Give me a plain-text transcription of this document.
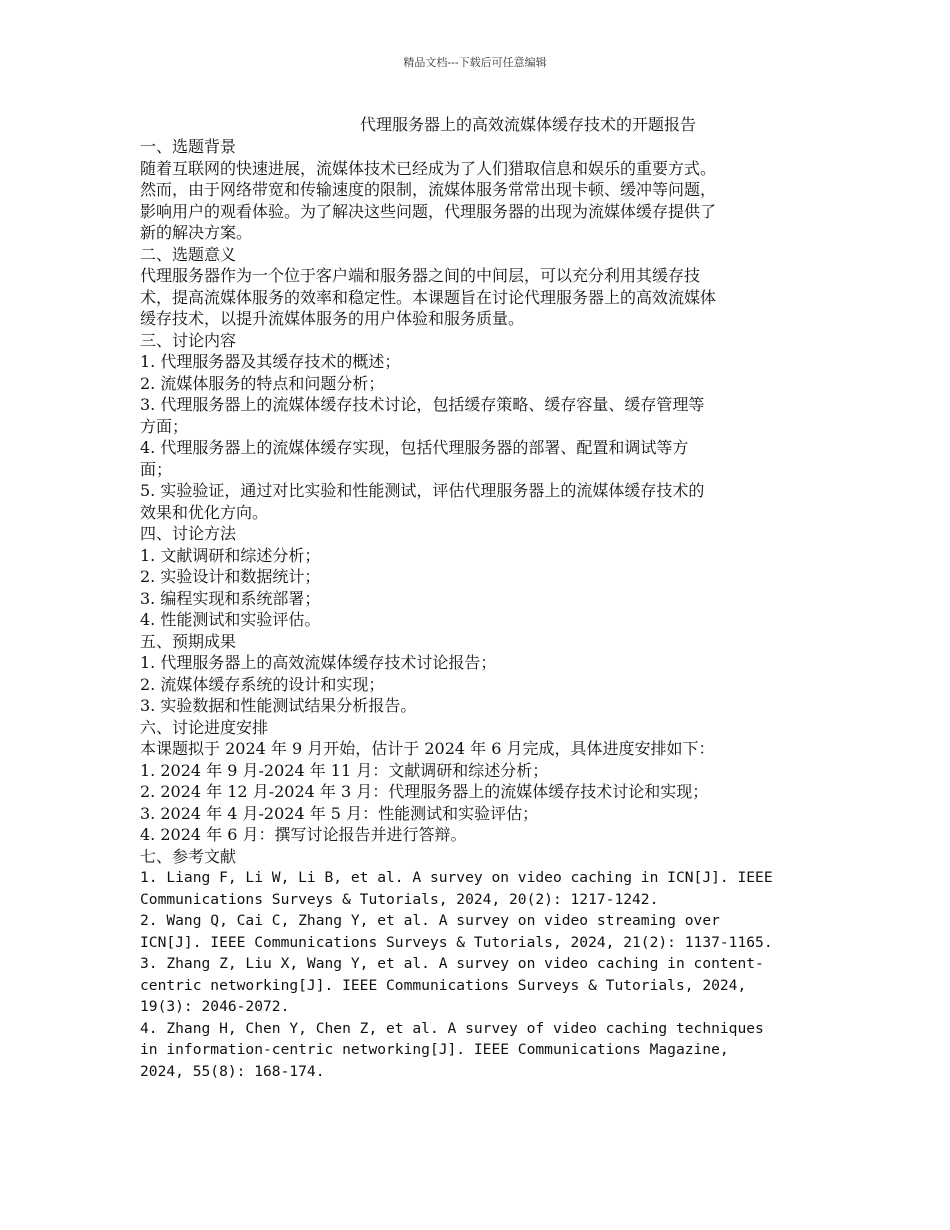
精品文档---下载后可任意编辑
代理服务器上的高效流媒体缓存技术的开题报告
一、选题背景
随着互联网的快速进展，流媒体技术已经成为了人们猎取信息和娱乐的重要方式。
然而，由于网络带宽和传输速度的限制，流媒体服务常常出现卡顿、缓冲等问题，
影响用户的观看体验。为了解决这些问题，代理服务器的出现为流媒体缓存提供了
新的解决方案。
二、选题意义
代理服务器作为一个位于客户端和服务器之间的中间层，可以充分利用其缓存技
术，提高流媒体服务的效率和稳定性。本课题旨在讨论代理服务器上的高效流媒体
缓存技术，以提升流媒体服务的用户体验和服务质量。
三、讨论内容
1. 代理服务器及其缓存技术的概述；
2. 流媒体服务的特点和问题分析；
3. 代理服务器上的流媒体缓存技术讨论，包括缓存策略、缓存容量、缓存管理等
方面；
4. 代理服务器上的流媒体缓存实现，包括代理服务器的部署、配置和调试等方
面；
5. 实验验证，通过对比实验和性能测试，评估代理服务器上的流媒体缓存技术的
效果和优化方向。
四、讨论方法
1. 文献调研和综述分析；
2. 实验设计和数据统计；
3. 编程实现和系统部署；
4. 性能测试和实验评估。
五、预期成果
1. 代理服务器上的高效流媒体缓存技术讨论报告；
2. 流媒体缓存系统的设计和实现；
3. 实验数据和性能测试结果分析报告。
六、讨论进度安排
本课题拟于 2024 年 9 月开始，估计于 2024 年 6 月完成，具体进度安排如下：
1. 2024 年 9 月-2024 年 11 月：文献调研和综述分析；
2. 2024 年 12 月-2024 年 3 月：代理服务器上的流媒体缓存技术讨论和实现；
3. 2024 年 4 月-2024 年 5 月：性能测试和实验评估；
4. 2024 年 6 月：撰写讨论报告并进行答辩。
七、参考文献
1. Liang F, Li W, Li B, et al. A survey on video caching in ICN[J]. IEEE
Communications Surveys & Tutorials, 2024, 20(2): 1217-1242.
2. Wang Q, Cai C, Zhang Y, et al. A survey on video streaming over
ICN[J]. IEEE Communications Surveys & Tutorials, 2024, 21(2): 1137-1165.
3. Zhang Z, Liu X, Wang Y, et al. A survey on video caching in content-
centric networking[J]. IEEE Communications Surveys & Tutorials, 2024,
19(3): 2046-2072.
4. Zhang H, Chen Y, Chen Z, et al. A survey of video caching techniques
in information-centric networking[J]. IEEE Communications Magazine,
2024, 55(8): 168-174.
